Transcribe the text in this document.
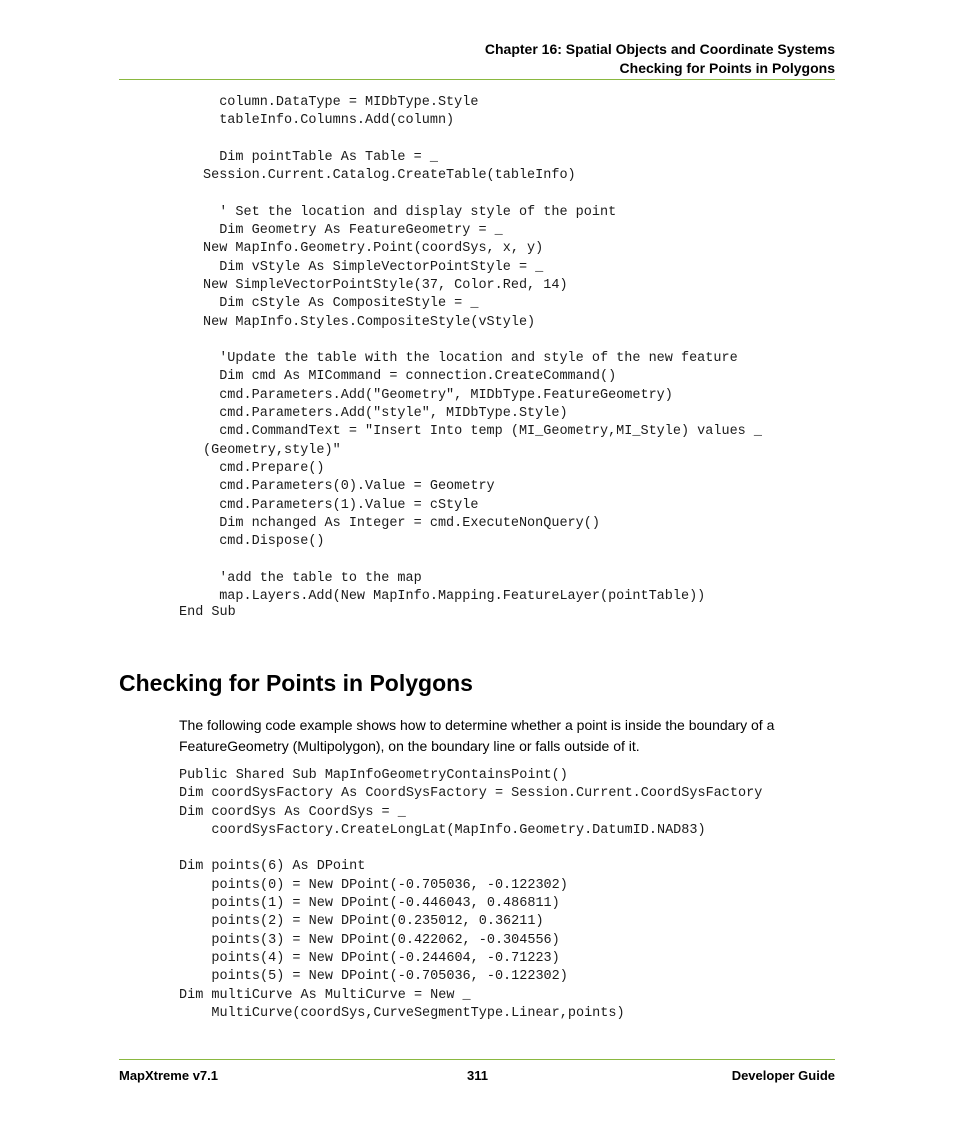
Chapter 16: Spatial Objects and Coordinate Systems
Checking for Points in Polygons
column.DataType = MIDbType.Style
tableInfo.Columns.Add(column)

Dim pointTable As Table = _
Session.Current.Catalog.CreateTable(tableInfo)

' Set the location and display style of the point
Dim Geometry As FeatureGeometry = _
New MapInfo.Geometry.Point(coordSys, x, y)
Dim vStyle As SimpleVectorPointStyle = _
New SimpleVectorPointStyle(37, Color.Red, 14)
Dim cStyle As CompositeStyle = _
New MapInfo.Styles.CompositeStyle(vStyle)

'Update the table with the location and style of the new feature
Dim cmd As MICommand = connection.CreateCommand()
cmd.Parameters.Add("Geometry", MIDbType.FeatureGeometry)
cmd.Parameters.Add("style", MIDbType.Style)
cmd.CommandText = "Insert Into temp (MI_Geometry,MI_Style) values _
(Geometry,style)"
cmd.Prepare()
cmd.Parameters(0).Value = Geometry
cmd.Parameters(1).Value = cStyle
Dim nchanged As Integer = cmd.ExecuteNonQuery()
cmd.Dispose()

'add the table to the map
map.Layers.Add(New MapInfo.Mapping.FeatureLayer(pointTable))
End Sub
Checking for Points in Polygons

The following code example shows how to determine whether a point is inside the boundary of a FeatureGeometry (Multipolygon), on the boundary line or falls outside of it.

Public Shared Sub MapInfoGeometryContainsPoint()
Dim coordSysFactory As CoordSysFactory = Session.Current.CoordSysFactory
Dim coordSys As CoordSys = _
coordSysFactory.CreateLongLat(MapInfo.Geometry.DatumID.NAD83)

Dim points(6) As DPoint
points(0) = New DPoint(-0.705036, -0.122302)
points(1) = New DPoint(-0.446043, 0.486811)
points(2) = New DPoint(0.235012, 0.36211)
points(3) = New DPoint(0.422062, -0.304556)
points(4) = New DPoint(-0.244604, -0.71223)
points(5) = New DPoint(-0.705036, -0.122302)
Dim multiCurve As MultiCurve = New _
MultiCurve(coordSys,CurveSegmentType.Linear,points)
MapXtreme v7.1	311	Developer Guide
